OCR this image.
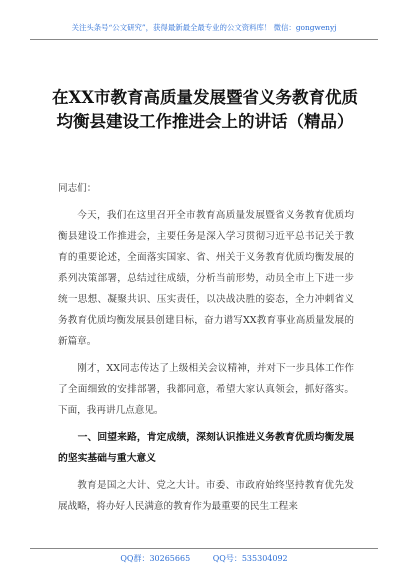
关注头条号“公文研究”，获得最新最全最专业的公文资料库！ 微信：gongwenyj
在XX市教育高质量发展暨省义务教育优质均衡县建设工作推进会上的讲话（精品）

同志们：

今天，我们在这里召开全市教育高质量发展暨省义务教育优质均衡县建设工作推进会，主要任务是深入学习贯彻习近平总书记关于教育的重要论述，全面落实国家、省、州关于义务教育优质均衡发展的系列决策部署，总结过往成绩，分析当前形势，动员全市上下进一步统一思想、凝聚共识、压实责任，以决战决胜的姿态，全力冲刺省义务教育优质均衡发展县创建目标，奋力谱写XX教育事业高质量发展的新篇章。

刚才，XX同志传达了上级相关会议精神，并对下一步具体工作作了全面细致的安排部署，我都同意，希望大家认真领会，抓好落实。下面，我再讲几点意见。

一、回望来路，肯定成绩，深刻认识推进义务教育优质均衡发展的坚实基础与重大意义

教育是国之大计、党之大计。市委、市政府始终坚持教育优先发展战略，将办好人民满意的教育作为最重要的民生工程来

QQ群：30265665	QQ号：535304092
